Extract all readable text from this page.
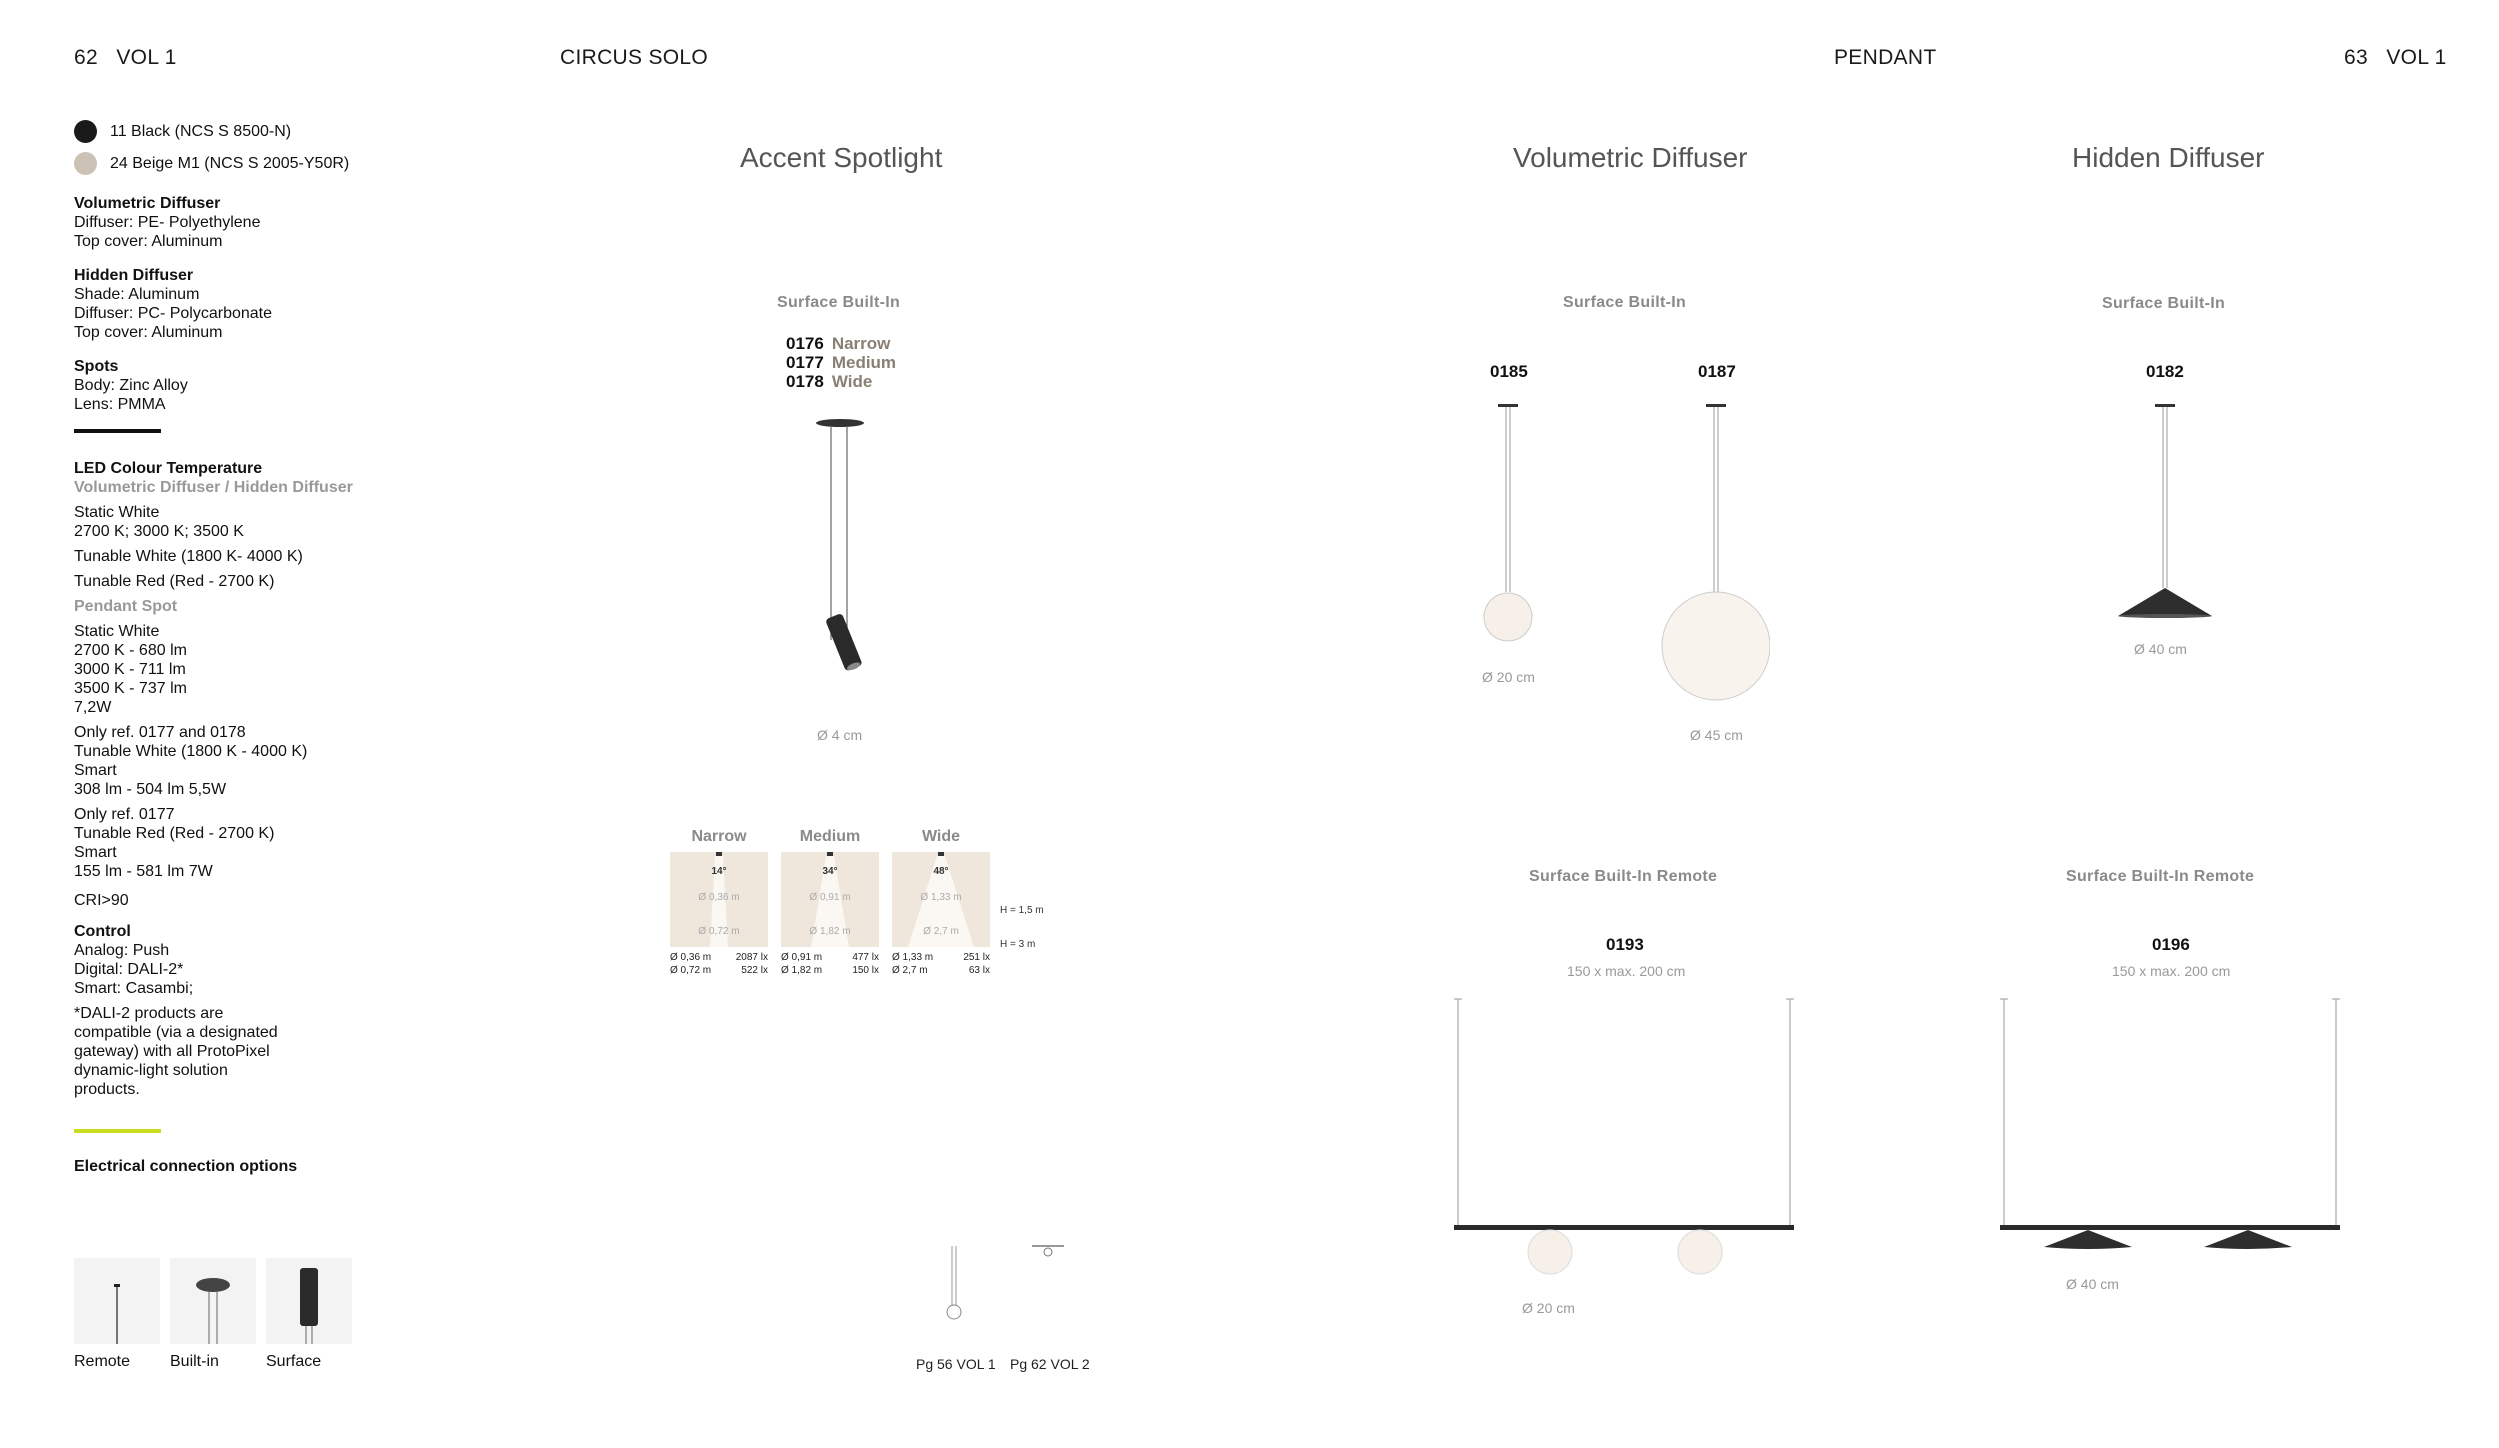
62 VOL 1	CIRCUS SOLO	PENDANT	63 VOL 1
11 Black (NCS S 8500-N)
24 Beige M1 (NCS S 2005-Y50R)
Volumetric Diffuser
Diffuser: PE- Polyethylene
Top cover: Aluminum
Hidden Diffuser
Shade: Aluminum
Diffuser: PC- Polycarbonate
Top cover: Aluminum
Spots
Body: Zinc Alloy
Lens: PMMA
LED Colour Temperature
Volumetric Diffuser / Hidden Diffuser
Static White
2700 K; 3000 K; 3500 K
Tunable White (1800 K- 4000 K)
Tunable Red (Red - 2700 K)
Pendant Spot
Static White
2700 K - 680 lm
3000 K - 711 lm
3500 K - 737 lm
7,2W
Only ref. 0177 and 0178
Tunable White (1800 K - 4000 K)
Smart
308 lm - 504 lm 5,5W
Only ref. 0177
Tunable Red (Red - 2700 K)
Smart
155 lm - 581 lm 7W
CRI>90
Control
Analog: Push
Digital: DALI-2*
Smart: Casambi;
*DALI-2 products are
compatible (via a designated
gateway) with all ProtoPixel
dynamic-light solution
products.
Electrical connection options
Remote Built-in	Surface
Accent Spotlight
Surface Built-In
0176 Narrow
0177 Medium
0178 Wide
Ø 4 cm
Narrow
14°
Ø 0,36 m
Ø 0,72 m
Ø 0,36 m 2087 lx
Ø 0,72 m	522 lx
Medium
34°
Ø 0,91 m
Ø 1,82 m
Ø 0,91 m	477 lx
Ø 1,82 m	150 lx
Wide
48°
Ø 1,33 m
Ø 2,7 m
Ø 1,33 m	251 lx
Ø 2,7 m	63 lx
H = 1,5 m
H = 3 m
Pg 56 VOL 1 Pg 62 VOL 2
Volumetric Diffuser
Surface Built-In
0185	0187
Ø 20 cm
Ø 45 cm
Hidden Diffuser
Surface Built-In
0182
Ø 40 cm
Surface Built-In Remote
0193
150 x max. 200 cm
Ø 20 cm
Surface Built-In Remote
0196
150 x max. 200 cm
Ø 40 cm
